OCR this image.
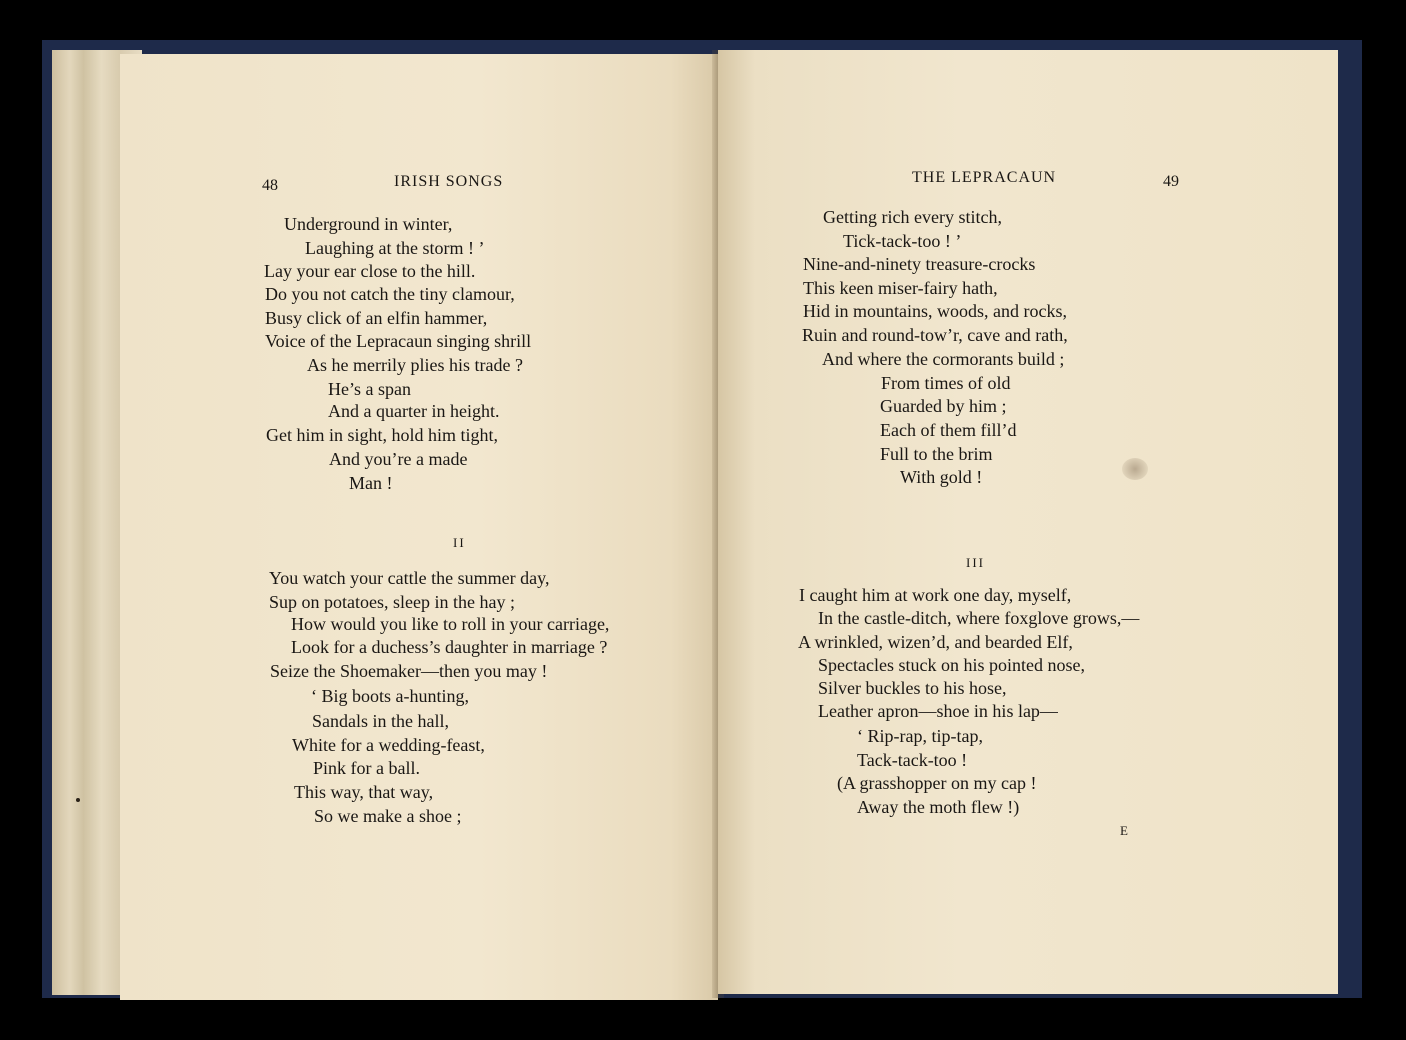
48	IRISH SONGS
Underground in winter,
Laughing at the storm ! ’
Lay your ear close to the hill.
Do you not catch the tiny clamour,
Busy click of an elfin hammer,
Voice of the Lepracaun singing shrill
As he merrily plies his trade ?
He’s a span
And a quarter in height.
Get him in sight, hold him tight,
And you’re a made
Man !
II
You watch your cattle the summer day,
Sup on potatoes, sleep in the hay ;
How would you like to roll in your carriage,
Look for a duchess’s daughter in marriage ?
Seize the Shoemaker—then you may !
‘ Big boots a-hunting,
Sandals in the hall,
White for a wedding-feast,
Pink for a ball.
This way, that way,
So we make a shoe ;
THE LEPRACAUN	49
Getting rich every stitch,
Tick-tack-too ! ’
Nine-and-ninety treasure-crocks
This keen miser-fairy hath,
Hid in mountains, woods, and rocks,
Ruin and round-tow’r, cave and rath,
And where the cormorants build ;
From times of old
Guarded by him ;
Each of them fill’d
Full to the brim
With gold !
III
I caught him at work one day, myself,
In the castle-ditch, where foxglove grows,—
A wrinkled, wizen’d, and bearded Elf,
Spectacles stuck on his pointed nose,
Silver buckles to his hose,
Leather apron—shoe in his lap—
‘ Rip-rap, tip-tap,
Tack-tack-too !
(A grasshopper on my cap !
Away the moth flew !)
E
